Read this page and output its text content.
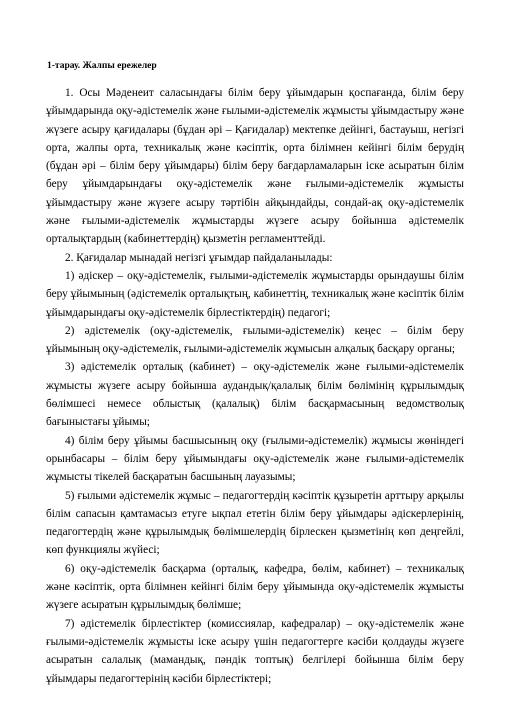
1-тарау. Жалпы ережелер

1. Осы Мәденеит саласындағы білім беру ұйымдарын қоспағанда, білім беру ұйымдарында оқу-әдістемелік және ғылыми-әдістемелік жұмысты ұйымдастыру және жүзеге асыру қағидалары (бұдан әрі – Қағидалар) мектепке дейінгі, бастауыш, негізгі орта, жалпы орта, техникалық және кәсіптік, орта білімнен кейінгі білім берудің (бұдан әрі – білім беру ұйымдары) білім беру бағдарламаларын іске асыратын білім беру ұйымдарындағы оқу-әдістемелік және ғылыми-әдістемелік жұмысты ұйымдастыру және жүзеге асыру тәртібін айқындайды, сондай-ақ оқу-әдістемелік және ғылыми-әдістемелік жұмыстарды жүзеге асыру бойынша әдістемелік орталықтардың (кабинеттердің) қызметін регламенттейді.

2. Қағидалар мынадай негізгі ұғымдар пайдаланылады:

1) әдіскер – оқу-әдістемелік, ғылыми-әдістемелік жұмыстарды орындаушы білім беру ұйымының (әдістемелік орталықтың, кабинеттің, техникалық және кәсіптік білім ұйымдарындағы оқу-әдістемелік бірлестіктердің) педагогі;

2) әдістемелік (оқу-әдістемелік, ғылыми-әдістемелік) кеңес – білім беру ұйымының оқу-әдістемелік, ғылыми-әдістемелік жұмысын алқалық басқару органы;

3) әдістемелік орталық (кабинет) – оқу-әдістемелік және ғылыми-әдістемелік жұмысты жүзеге асыру бойынша аудандық/қалалық білім бөлімінің құрылымдық бөлімшесі немесе облыстық (қалалық) білім басқармасының ведомстволық бағыныстағы ұйымы;

4) білім беру ұйымы басшысының оқу (ғылыми-әдістемелік) жұмысы жөніндегі орынбасары – білім беру ұйымындағы оқу-әдістемелік және ғылыми-әдістемелік жұмысты тікелей басқаратын басшының лауазымы;

5) ғылыми әдістемелік жұмыс – педагогтердің кәсіптік құзыретін арттыру арқылы білім сапасын қамтамасыз етуге ықпал ететін білім беру ұйымдары әдіскерлерінің, педагогтердің және құрылымдық бөлімшелердің бірлескен қызметінің көп деңгейлі, көп функциялы жүйесі;

6) оқу-әдістемелік басқарма (орталық, кафедра, бөлім, кабинет) – техникалық және кәсіптік, орта білімнен кейінгі білім беру ұйымында оқу-әдістемелік жұмысты жүзеге асыратын құрылымдық бөлімше;

7) әдістемелік бірлестіктер (комиссиялар, кафедралар) – оқу-әдістемелік және ғылыми-әдістемелік жұмысты іске асыру үшін педагогтерге кәсіби қолдауды жүзеге асыратын салалық (мамандық, пәндік топтық) белгілері бойынша білім беру ұйымдары педагогтерінің кәсіби бірлестіктері;
